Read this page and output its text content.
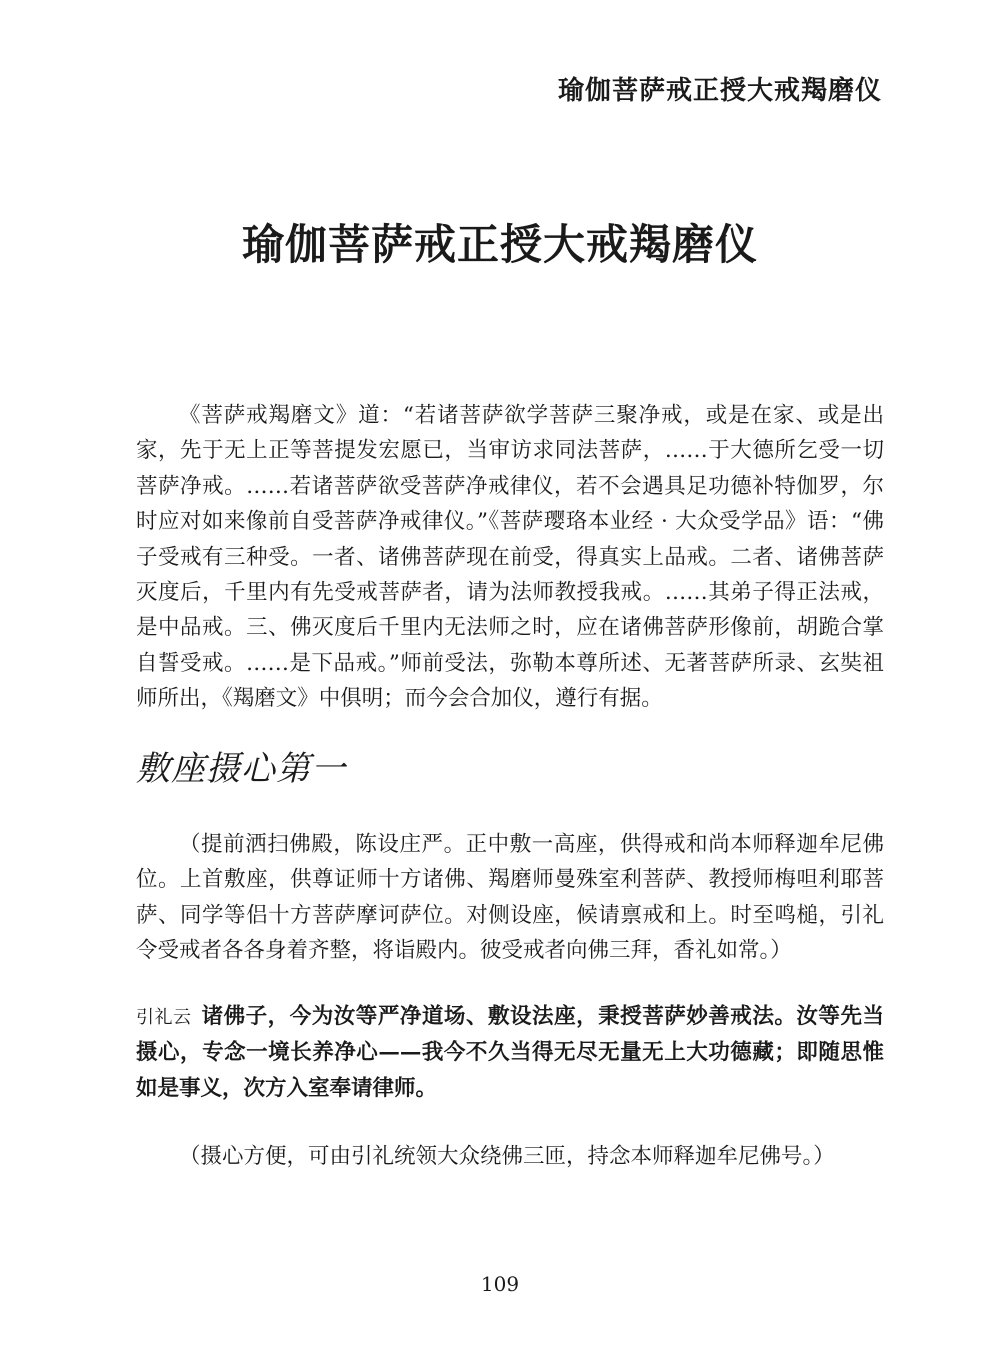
瑜伽菩萨戒正授大戒羯磨仪
瑜伽菩萨戒正授大戒羯磨仪

《菩萨戒羯磨文》道：“若诸菩萨欲学菩萨三聚净戒，或是在家、或是出家，先于无上正等菩提发宏愿已，当审访求同法菩萨，……于大德所乞受一切菩萨净戒。……若诸菩萨欲受菩萨净戒律仪，若不会遇具足功德补特伽罗，尔时应对如来像前自受菩萨净戒律仪。”《菩萨璎珞本业经 · 大众受学品》语：“佛子受戒有三种受。一者、诸佛菩萨现在前受，得真实上品戒。二者、诸佛菩萨灭度后，千里内有先受戒菩萨者，请为法师教授我戒。……其弟子得正法戒，是中品戒。三、佛灭度后千里内无法师之时，应在诸佛菩萨形像前，胡跪合掌自誓受戒。……是下品戒。”师前受法，弥勒本尊所述、无著菩萨所录、玄奘祖师所出，《羯磨文》中俱明；而今会合加仪，遵行有据。

敷座摄心第一

（提前洒扫佛殿，陈设庄严。正中敷一高座，供得戒和尚本师释迦牟尼佛位。上首敷座，供尊证师十方诸佛、羯磨师曼殊室利菩萨、教授师梅呾利耶菩萨、同学等侣十方菩萨摩诃萨位。对侧设座，候请禀戒和上。时至鸣槌，引礼令受戒者各各身着齐整，将诣殿内。彼受戒者向佛三拜，香礼如常。）

引礼云 诸佛子，今为汝等严净道场、敷设法座，秉授菩萨妙善戒法。汝等先当摄心，专念一境长养净心——我今不久当得无尽无量无上大功德藏；即随思惟如是事义，次方入室奉请律师。

（摄心方便，可由引礼统领大众绕佛三匝，持念本师释迦牟尼佛号。）

109
